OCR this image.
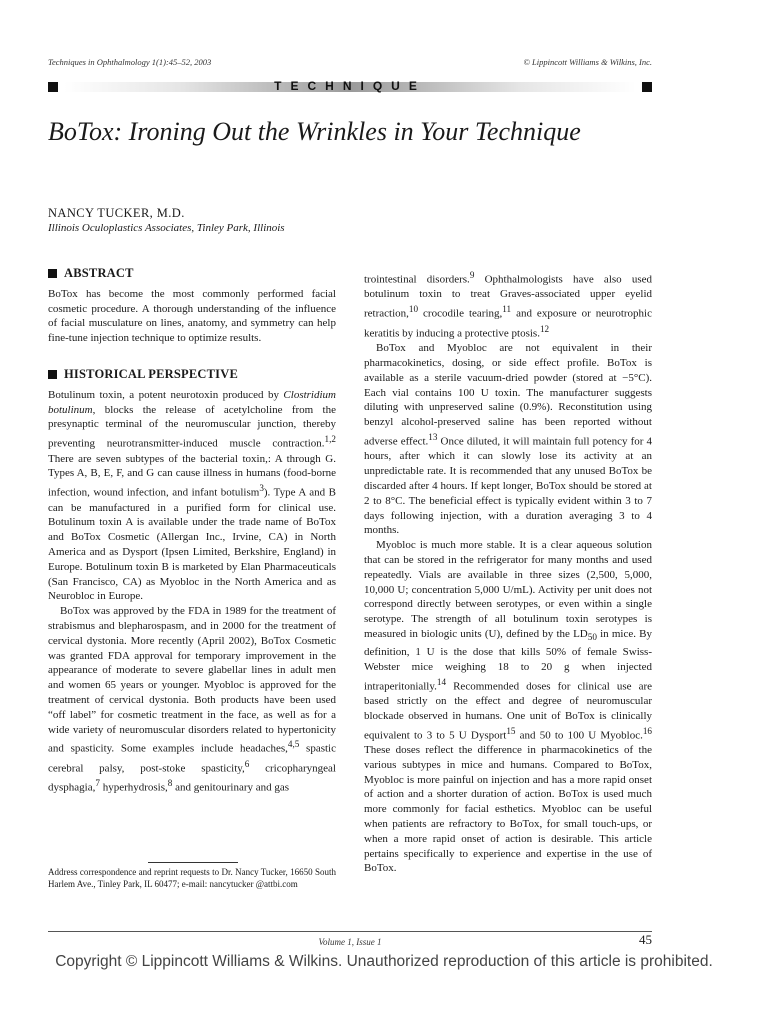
Techniques in Ophthalmology 1(1):45–52, 2003	© Lippincott Williams & Wilkins, Inc.
TECHNIQUE
BoTox: Ironing Out the Wrinkles in Your Technique
NANCY TUCKER, M.D.
Illinois Oculoplastics Associates, Tinley Park, Illinois
ABSTRACT

BoTox has become the most commonly performed facial cosmetic procedure. A thorough understanding of the influence of facial musculature on lines, anatomy, and symmetry can help fine-tune injection technique to optimize results.

HISTORICAL PERSPECTIVE

Botulinum toxin, a potent neurotoxin produced by Clostridium botulinum, blocks the release of acetylcholine from the presynaptic terminal of the neuromuscular junction, thereby preventing neurotransmitter-induced muscle contraction.$^{1,2}$ There are seven subtypes of the bacterial toxin,: A through G. Types A, B, E, F, and G can cause illness in humans (food-borne infection, wound infection, and infant botulism$^3$). Type A and B can be manufactured in a purified form for clinical use. Botulinum toxin A is available under the trade name of BoTox and BoTox Cosmetic (Allergan Inc., Irvine, CA) in North America and as Dysport (Ipsen Limited, Berkshire, England) in Europe. Botulinum toxin B is marketed by Elan Pharmaceuticals (San Francisco, CA) as Myobloc in the North America and as Neurobloc in Europe.

BoTox was approved by the FDA in 1989 for the treatment of strabismus and blepharospasm, and in 2000 for the treatment of cervical dystonia. More recently (April 2002), BoTox Cosmetic was granted FDA approval for temporary improvement in the appearance of moderate to severe glabellar lines in adult men and women 65 years or younger. Myobloc is approved for the treatment of cervical dystonia. Both products have been used “off label” for cosmetic treatment in the face, as well as for a wide variety of neuromuscular disorders related to hypertonicity and spasticity. Some examples include headaches,$^{4,5}$ spastic cerebral palsy, post-stoke spasticity,$^6$ cricopharyngeal dysphagia,$^7$ hyperhydrosis,$^8$ and genitourinary and gas

Address correspondence and reprint requests to Dr. Nancy Tucker, 16650 South Harlem Ave., Tinley Park, IL 60477; e-mail: nancytucker @attbi.com

trointestinal disorders.$^9$ Ophthalmologists have also used botulinum toxin to treat Graves-associated upper eyelid retraction,$^{10}$ crocodile tearing,$^{11}$ and exposure or neurotrophic keratitis by inducing a protective ptosis.$^{12}$

BoTox and Myobloc are not equivalent in their pharmacokinetics, dosing, or side effect profile. BoTox is available as a sterile vacuum-dried powder (stored at −5°C). Each vial contains 100 U toxin. The manufacturer suggests diluting with unpreserved saline (0.9%). Reconstitution using benzyl alcohol-preserved saline has been reported without adverse effect.$^{13}$ Once diluted, it will maintain full potency for 4 hours, after which it can slowly lose its activity at an unpredictable rate. It is recommended that any unused BoTox be discarded after 4 hours. If kept longer, BoTox should be stored at 2 to 8°C. The beneficial effect is typically evident within 3 to 7 days following injection, with a duration averaging 3 to 4 months.

Myobloc is much more stable. It is a clear aqueous solution that can be stored in the refrigerator for many months and used repeatedly. Vials are available in three sizes (2,500, 5,000, 10,000 U; concentration 5,000 U/mL). Activity per unit does not correspond directly between serotypes, or even within a single serotype. The strength of all botulinum toxin serotypes is measured in biologic units (U), defined by the $LD_{50}$ in mice. By definition, 1 U is the dose that kills 50% of female Swiss-Webster mice weighing 18 to 20 g when injected intraperitonially.$^{14}$ Recommended doses for clinical use are based strictly on the effect and degree of neuromuscular blockade observed in humans. One unit of BoTox is clinically equivalent to 3 to 5 U Dysport$^{15}$ and 50 to 100 U Myobloc.$^{16}$ These doses reflect the difference in pharmacokinetics of the various subtypes in mice and humans. Compared to BoTox, Myobloc is more painful on injection and has a more rapid onset of action and a shorter duration of action. BoTox is used much more commonly for facial esthetics. Myobloc can be useful when patients are refractory to BoTox, for small touch-ups, or when a more rapid onset of action is desirable. This article pertains specifically to experience and expertise in the use of BoTox.

Volume 1, Issue 1	45
Copyright © Lippincott Williams & Wilkins. Unauthorized reproduction of this article is prohibited.
